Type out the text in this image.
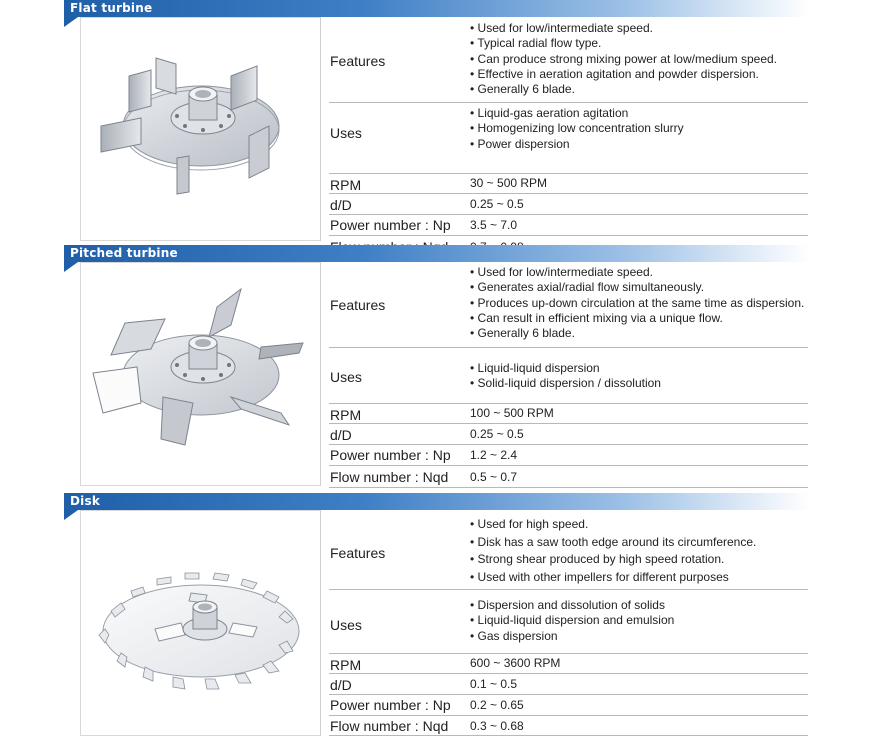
Flat turbine
Features
• Used for low/intermediate speed.
• Typical radial flow type.
• Can produce strong mixing power at low/medium speed.
• Effective in aeration agitation and powder dispersion.
• Generally 6 blade.
Uses
• Liquid-gas aeration agitation
• Homogenizing low concentration slurry
• Power dispersion
RPM	30 ~ 500 RPM
d/D	0.25 ~ 0.5
Power number : Np 3.5 ~ 7.0
Pitched turbine
Features
• Used for low/intermediate speed.
• Generates axial/radial flow simultaneously.
• Produces up-down circulation at the same time as dispersion.
• Can result in efficient mixing via a unique flow.
• Generally 6 blade.
Uses
• Liquid-liquid dispersion
• Solid-liquid dispersion / dissolution
RPM	100 ~ 500 RPM
d/D	0.25 ~ 0.5
Power number : Np 1.2 ~ 2.4
Flow number : Nqd 0.5 ~ 0.7
Disk
Features
• Used for high speed.
• Disk has a saw tooth edge around its circumference.
• Strong shear produced by high speed rotation.
• Used with other impellers for different purposes
Uses
• Dispersion and dissolution of solids
• Liquid-liquid dispersion and emulsion
• Gas dispersion
RPM	600 ~ 3600 RPM
d/D	0.1 ~ 0.5
Power number : Np 0.2 ~ 0.65
Flow number : Nqd 0.3 ~ 0.68
